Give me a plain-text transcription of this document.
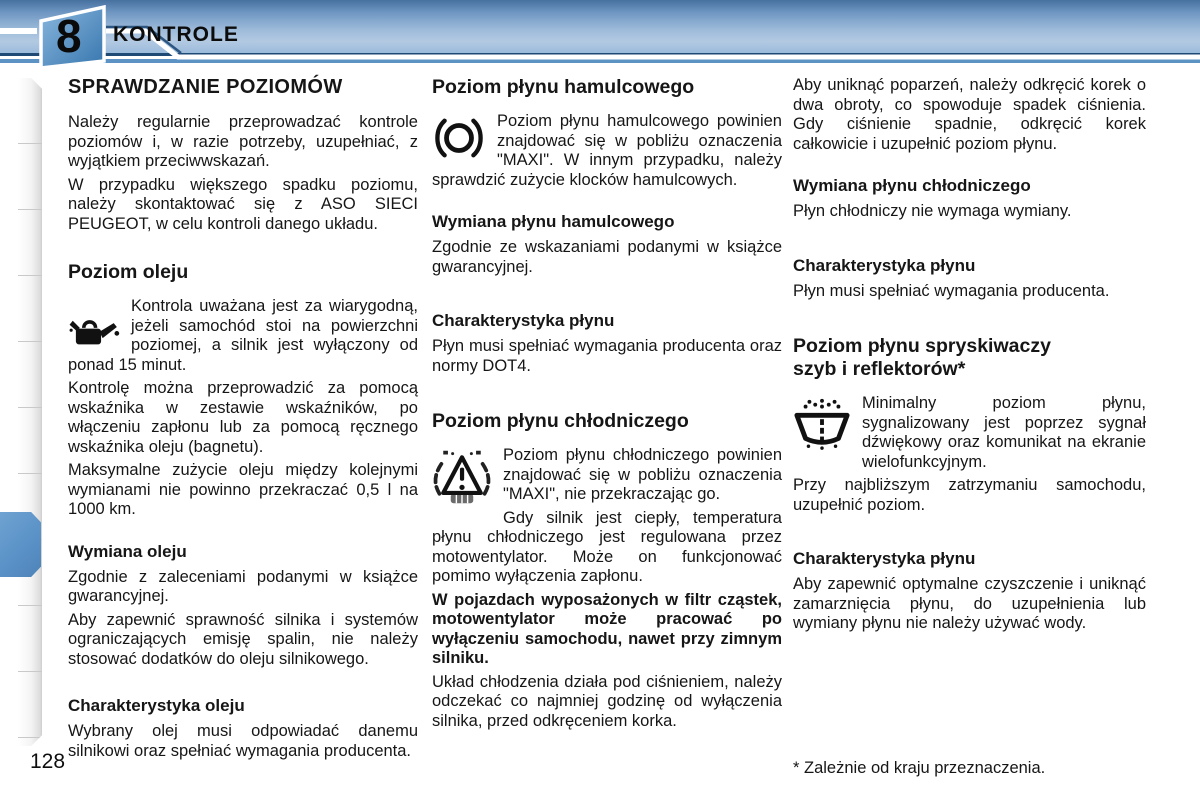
8 KONTROLE
SPRAWDZANIE POZIOMÓW

Należy regularnie przeprowadzać kontrole poziomów i, w razie potrzeby, uzupełniać, z wyjątkiem przeciwwskazań.

W przypadku większego spadku poziomu, należy skontaktować się z ASO SIECI PEUGEOT, w celu kontroli danego układu.

Poziom oleju

Kontrola uważana jest za wiarygodną, jeżeli samochód stoi na powierzchni poziomej, a silnik jest wyłączony od ponad 15 minut.

Kontrolę można przeprowadzić za pomocą wskaźnika w zestawie wskaźników, po włączeniu zapłonu lub za pomocą ręcznego wskaźnika oleju (bagnetu).

Maksymalne zużycie oleju między kolejnymi wymianami nie powinno przekraczać 0,5 l na 1000 km.

Wymiana oleju

Zgodnie z zaleceniami podanymi w książce gwarancyjnej.

Aby zapewnić sprawność silnika i systemów ograniczających emisję spalin, nie należy stosować dodatków do oleju silnikowego.

Charakterystyka oleju

Wybrany olej musi odpowiadać danemu silnikowi oraz spełniać wymagania producenta.

Poziom płynu hamulcowego

Poziom płynu hamulcowego powinien znajdować się w pobliżu oznaczenia "MAXI". W innym przypadku, należy sprawdzić zużycie klocków hamulcowych.

Wymiana płynu hamulcowego

Zgodnie ze wskazaniami podanymi w książce gwarancyjnej.

Charakterystyka płynu

Płyn musi spełniać wymagania producenta oraz normy DOT4.

Poziom płynu chłodniczego

Poziom płynu chłodniczego powinien znajdować się w pobliżu oznaczenia "MAXI", nie przekraczając go.

Gdy silnik jest ciepły, temperatura płynu chłodniczego jest regulowana przez motowentylator. Może on funkcjonować pomimo wyłączenia zapłonu.

W pojazdach wyposażonych w filtr cząstek, motowentylator może pracować po wyłączeniu samochodu, nawet przy zimnym silniku.

Układ chłodzenia działa pod ciśnieniem, należy odczekać co najmniej godzinę od wyłączenia silnika, przed odkręceniem korka.

Aby uniknąć poparzeń, należy odkręcić korek o dwa obroty, co spowoduje spadek ciśnienia. Gdy ciśnienie spadnie, odkręcić korek całkowicie i uzupełnić poziom płynu.

Wymiana płynu chłodniczego

Płyn chłodniczy nie wymaga wymiany.

Charakterystyka płynu

Płyn musi spełniać wymagania producenta.

Poziom płynu spryskiwaczy szyb i reflektorów*

Minimalny poziom płynu, sygnalizowany jest poprzez sygnał dźwiękowy oraz komunikat na ekranie wielofunkcyjnym.

Przy najbliższym zatrzymaniu samochodu, uzupełnić poziom.

Charakterystyka płynu

Aby zapewnić optymalne czyszczenie i uniknąć zamarznięcia płynu, do uzupełnienia lub wymiany płynu nie należy używać wody.

* Zależnie od kraju przeznaczenia.

128
